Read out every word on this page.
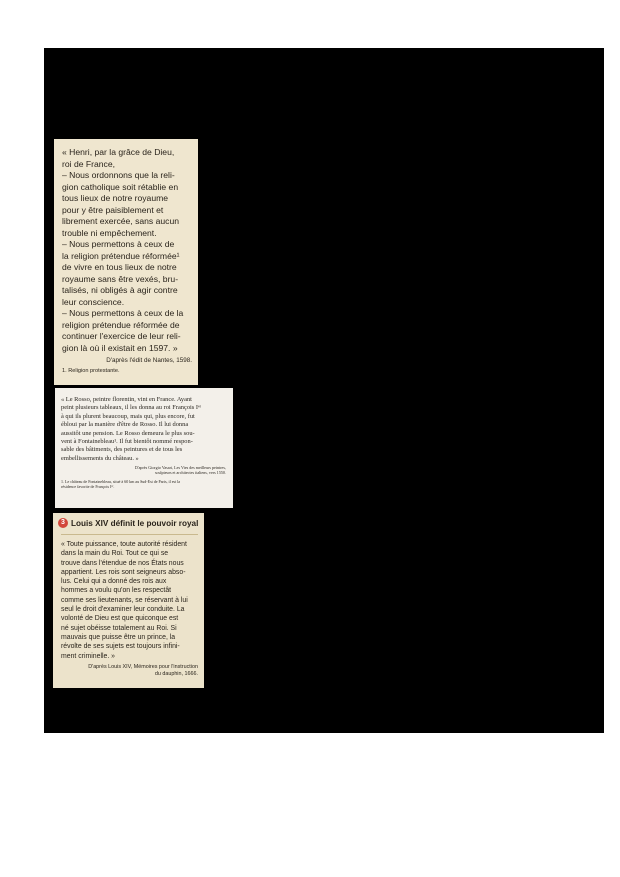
« Henri, par la grâce de Dieu,
roi de France,
– Nous ordonnons que la reli-
gion catholique soit rétablie en
tous lieux de notre royaume
pour y être paisiblement et
librement exercée, sans aucun
trouble ni empêchement.
– Nous permettons à ceux de
la religion prétendue réformée¹
de vivre en tous lieux de notre
royaume sans être vexés, bru-
talisés, ni obligés à agir contre
leur conscience.
– Nous permettons à ceux de la
religion prétendue réformée de
continuer l'exercice de leur reli-
gion là où il existait en 1597. »
D'après l'édit de Nantes, 1598.
1. Religion protestante.
« Le Rosso, peintre florentin, vint en France. Ayant
peint plusieurs tableaux, il les donna au roi François Iᵉʳ
à qui ils plurent beaucoup, mais qui, plus encore, fut
ébloui par la manière d'être de Rosso. Il lui donna
aussitôt une pension. Le Rosso demeura le plus sou-
vent à Fontainebleau¹. Il fut bientôt nommé respon-
sable des bâtiments, des peintures et de tous les
embellissements du château. »
D'après Giorgio Vasari, Les Vies des meilleurs peintres,
sculpteurs et architectes italiens, vers 1550.
1. Le château de Fontainebleau, situé à 60 km au Sud-Est de Paris, il est la
résidence favorite de François Iᵉʳ.
3 Louis XIV définit le pouvoir royal
« Toute puissance, toute autorité résident
dans la main du Roi. Tout ce qui se
trouve dans l'étendue de nos États nous
appartient. Les rois sont seigneurs abso-
lus. Celui qui a donné des rois aux
hommes a voulu qu'on les respectât
comme ses lieutenants, se réservant à lui
seul le droit d'examiner leur conduite. La
volonté de Dieu est que quiconque est
né sujet obéisse totalement au Roi. Si
mauvais que puisse être un prince, la
révolte de ses sujets est toujours infini-
ment criminelle. »
D'après Louis XIV, Mémoires pour l'instruction
du dauphin, 1666.
